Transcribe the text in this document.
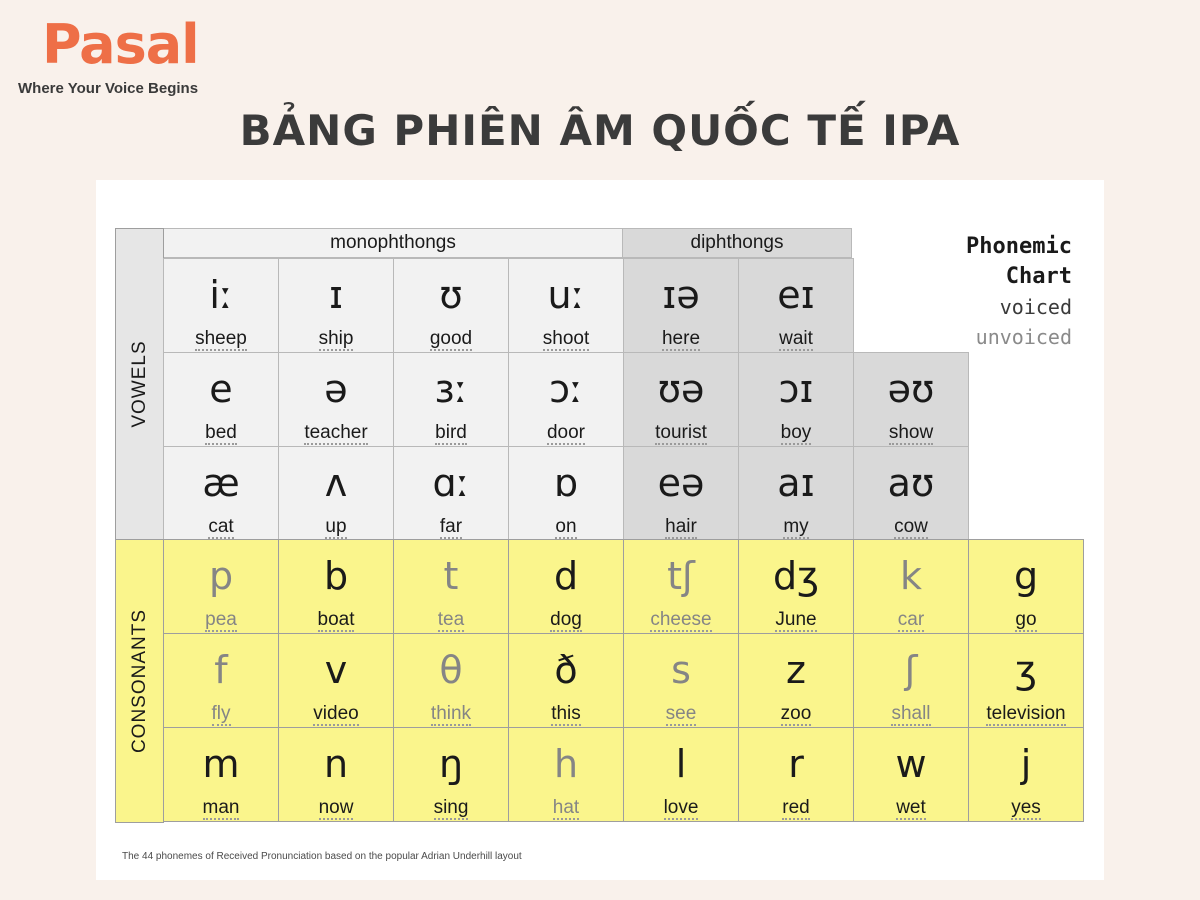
Pasal
Where Your Voice Begins
BẢNG PHIÊN ÂM QUỐC TẾ IPA
monophthongs	diphthongs
VOWELS
CONSONANTS
Phonemic
Chart
voiced
unvoiced
iː
sheep
ɪ
ship
ʊ
good
uː
shoot
ɪə
here
eɪ
wait
e
bed
ə
teacher
ɜː
bird
ɔː
door
ʊə
tourist
ɔɪ
boy
əʊ
show
æ
cat
ʌ
up
ɑː
far
ɒ
on
eə
hair
aɪ
my
aʊ
cow
p
pea
b
boat
t
tea
d
dog
tʃ
cheese
dʒ
June
k
car
g
go
f
fly
v
video
θ
think
ð
this
s
see
z
zoo
ʃ
shall
ʒ
television
m
man
n
now
ŋ
sing
h
hat
l
love
r
red
w
wet
j
yes
The 44 phonemes of Received Pronunciation based on the popular Adrian Underhill layout
